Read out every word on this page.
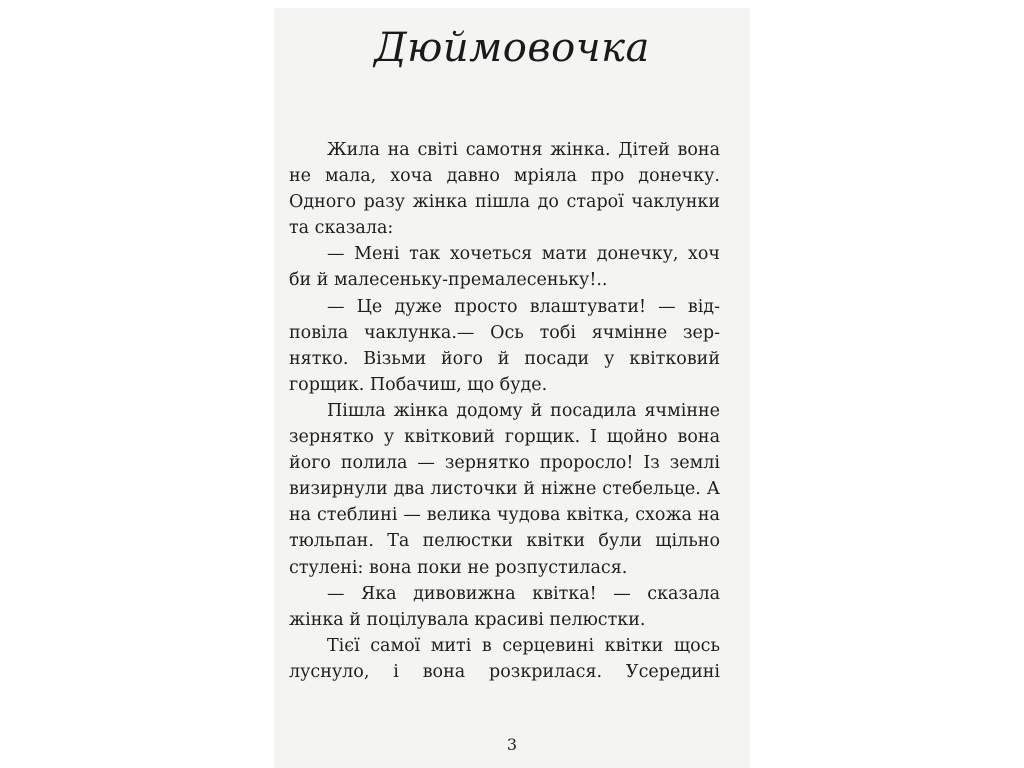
Дюймовочка

Жила на світі самотня жінка. Дітей вона не мала, хоча давно мріяла про донечку. Одного разу жінка пішла до старої чаклунки та сказала:

— Мені так хочеться мати донечку, хоч би й малесеньку-премалесеньку!..

— Це дуже просто влаштувати! — відповіла чаклунка.— Ось тобі ячмінне зернятко. Візьми його й посади у квітковий горщик. Побачиш, що буде.

Пішла жінка додому й посадила ячмінне зернятко у квітковий горщик. І щойно вона його полила — зернятко проросло! Із землі визирнули два листочки й ніжне стебельце. А на стеблині — велика чудова квітка, схожа на тюльпан. Та пелюстки квітки були щільно стулені: вона поки не розпустилася.

— Яка дивовижна квітка! — сказала жінка й поцілувала красиві пелюстки.

Тієї самої миті в серцевині квітки щось луснуло, і вона розкрилася. Усередині

3
